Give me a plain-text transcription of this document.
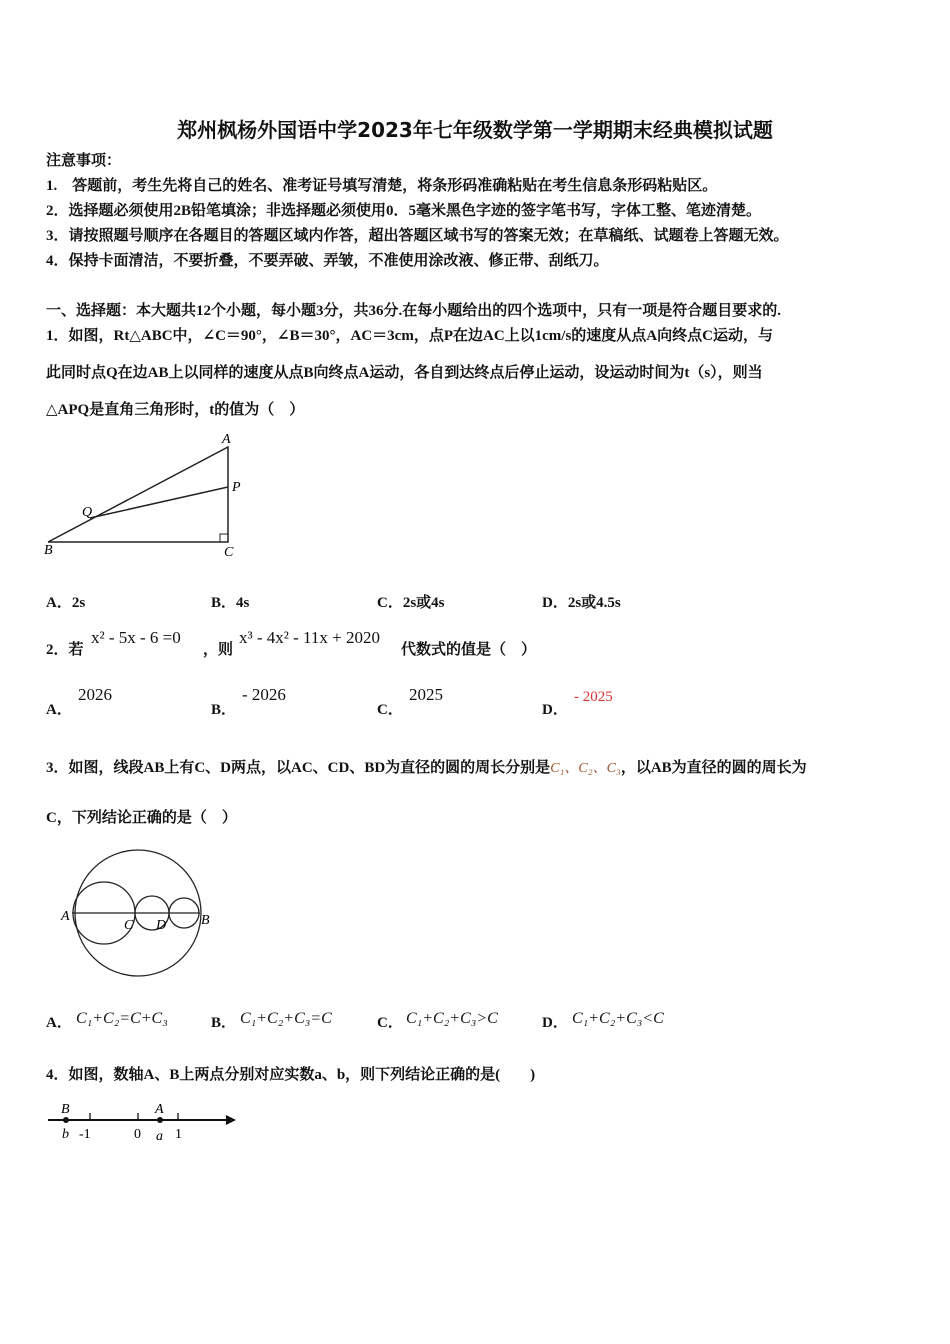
郑州枫杨外国语中学2023年七年级数学第一学期期末经典模拟试题
注意事项：
1.　答题前，考生先将自己的姓名、准考证号填写清楚，将条形码准确粘贴在考生信息条形码粘贴区。
2．选择题必须使用2B铅笔填涂；非选择题必须使用0．5毫米黑色字迹的签字笔书写，字体工整、笔迹清楚。
3．请按照题号顺序在各题目的答题区域内作答，超出答题区域书写的答案无效；在草稿纸、试题卷上答题无效。
4．保持卡面清洁，不要折叠，不要弄破、弄皱，不准使用涂改液、修正带、刮纸刀。
一、选择题：本大题共12个小题，每小题3分，共36分.在每小题给出的四个选项中，只有一项是符合题目要求的.
1．如图，Rt△ABC中，∠C＝90°，∠B＝30°，AC＝3cm，点P在边AC上以1cm/s的速度从点A向终点C运动，与
此同时点Q在边AB上以同样的速度从点B向终点A运动，各自到达终点后停止运动，设运动时间为t（s），则当
△APQ是直角三角形时，t的值为（　）
A
P
Q
B	C
A．2s	B．4s	C．2s或4s	D．2s或4.5s
2．若
x² - 5x - 6 =0
，则
x³ - 4x² - 11x + 2020
代数式的值是（　）
A．
2026
B．
- 2026
C．
2025
D．
- 2025
3．如图，线段AB上有C、D两点，以AC、CD、BD为直径的圆的周长分别是C₁、C₂、C₃，以AB为直径的圆的周长为
C，下列结论正确的是（　）
A
C D B
A． C₁+C₂=C+C₃	B． C₁+C₂+C₃=C	C． C₁+C₂+C₃>C	D． C₁+C₂+C₃<C
4．如图，数轴A、B上两点分别对应实数a、b，则下列结论正确的是(　　)
B	A
b -1	0 a 1
